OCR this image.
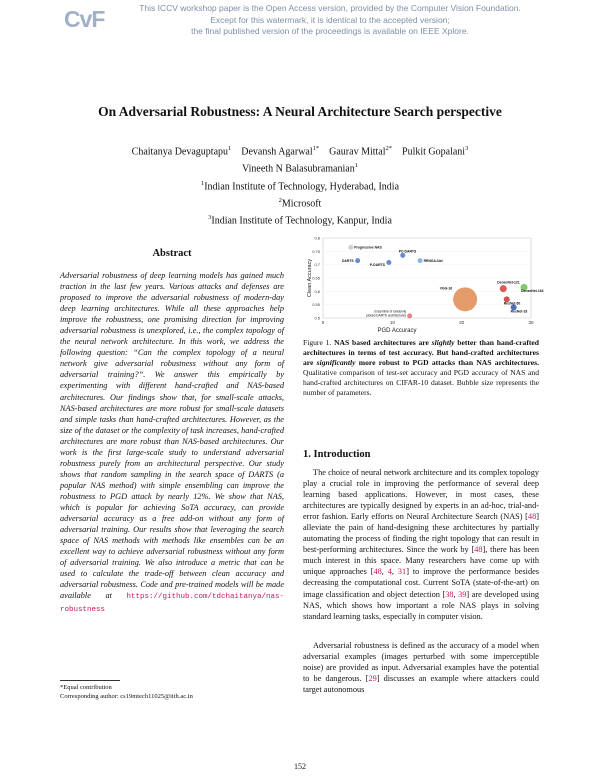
CvF	This ICCV workshop paper is the Open Access version, provided by the Computer Vision Foundation.
Except for this watermark, it is identical to the accepted version;
the final published version of the proceedings is available on IEEE Xplore.
On Adversarial Robustness: A Neural Architecture Search perspective
Chaitanya Devaguptapu$^1$ Devansh Agarwal$^{1*}$ Gaurav Mittal$^{2*}$ Pulkit Gopalani$^3$
Vineeth N Balasubramanian$^1$
$^1$Indian Institute of Technology, Hyderabad, India
$^2$Microsoft
$^3$Indian Institute of Technology, Kanpur, India
Abstract
Adversarial robustness of deep learning models has gained much traction in the last few years. Various attacks and defenses are proposed to improve the adversarial robustness of modern-day deep learning architectures. While all these approaches help improve the robustness, one promising direction for improving adversarial robustness is unexplored, i.e., the complex topology of the neural network architecture. In this work, we address the following question: “Can the complex topology of a neural network give adversarial robustness without any form of adversarial training?”. We answer this empirically by experimenting with different hand-crafted and NAS-based architectures. Our findings show that, for small-scale attacks, NAS-based architectures are more robust for small-scale datasets and simple tasks than hand-crafted architectures. However, as the size of the dataset or the complexity of task increases, hand-crafted architectures are more robust than NAS-based architectures. Our work is the first large-scale study to understand adversarial robustness purely from an architectural perspective. Our study shows that random sampling in the search space of DARTS (a popular NAS method) with simple ensembling can improve the robustness to PGD attack by nearly 12%. We show that NAS, which is popular for achieving SoTA accuracy, can provide adversarial accuracy as a free add-on without any form of adversarial training. Our results show that leveraging the search space of NAS methods with methods like ensembles can be an excellent way to achieve adversarial robustness without any form of adversarial training. We also introduce a metric that can be used to calculate the trade-off between clean accuracy and adversarial robustness. Code and pre-trained models will be made available at https://github.com/tdchaitanya/nas-robustness
*Equal contribution
Corresponding author: cs19mtech11025@iith.ac.in
0.5
0.55
0.6
0.65
0.7
0.75
0.8
0	10	20	30
PGD Accuracy
Clean Accuracy
PC-DARTS
DARTS
P-DARTS
RRNGA-Net
VGG-16
DenseNet-121
DenseNet-164
ResNet-50
ResNet-18
Progressive NAS
Ensemble of randomly
picked DARTS architectures
Figure 1. NAS based architectures are slightly better than hand-crafted architectures in terms of test accuracy. But hand-crafted architectures are significantly more robust to PGD attacks than NAS architectures. Qualitative comparison of test-set accuracy and PGD accuracy of NAS and hand-crafted architectures on CIFAR-10 dataset. Bubble size represents the number of parameters.
1. Introduction
The choice of neural network architecture and its complex topology play a crucial role in improving the performance of several deep learning based applications. However, in most cases, these architectures are typically designed by experts in an ad-hoc, trial-and-error fashion. Early efforts on Neural Architecture Search (NAS) [48] alleviate the pain of hand-designing these architectures by partially automating the process of finding the right topology that can result in best-performing architectures. Since the work by [48], there has been much interest in this space. Many researchers have come up with unique approaches [48, 4, 31] to improve the performance besides decreasing the computational cost. Current SoTA (state-of-the-art) on image classification and object detection [38, 39] are developed using NAS, which shows how important a role NAS plays in solving standard learning tasks, especially in computer vision.
Adversarial robustness is defined as the accuracy of a model when adversarial examples (images perturbed with some imperceptible noise) are provided as input. Adversarial examples have the potential to be dangerous. [29] discusses an example where attackers could target autonomous
152
